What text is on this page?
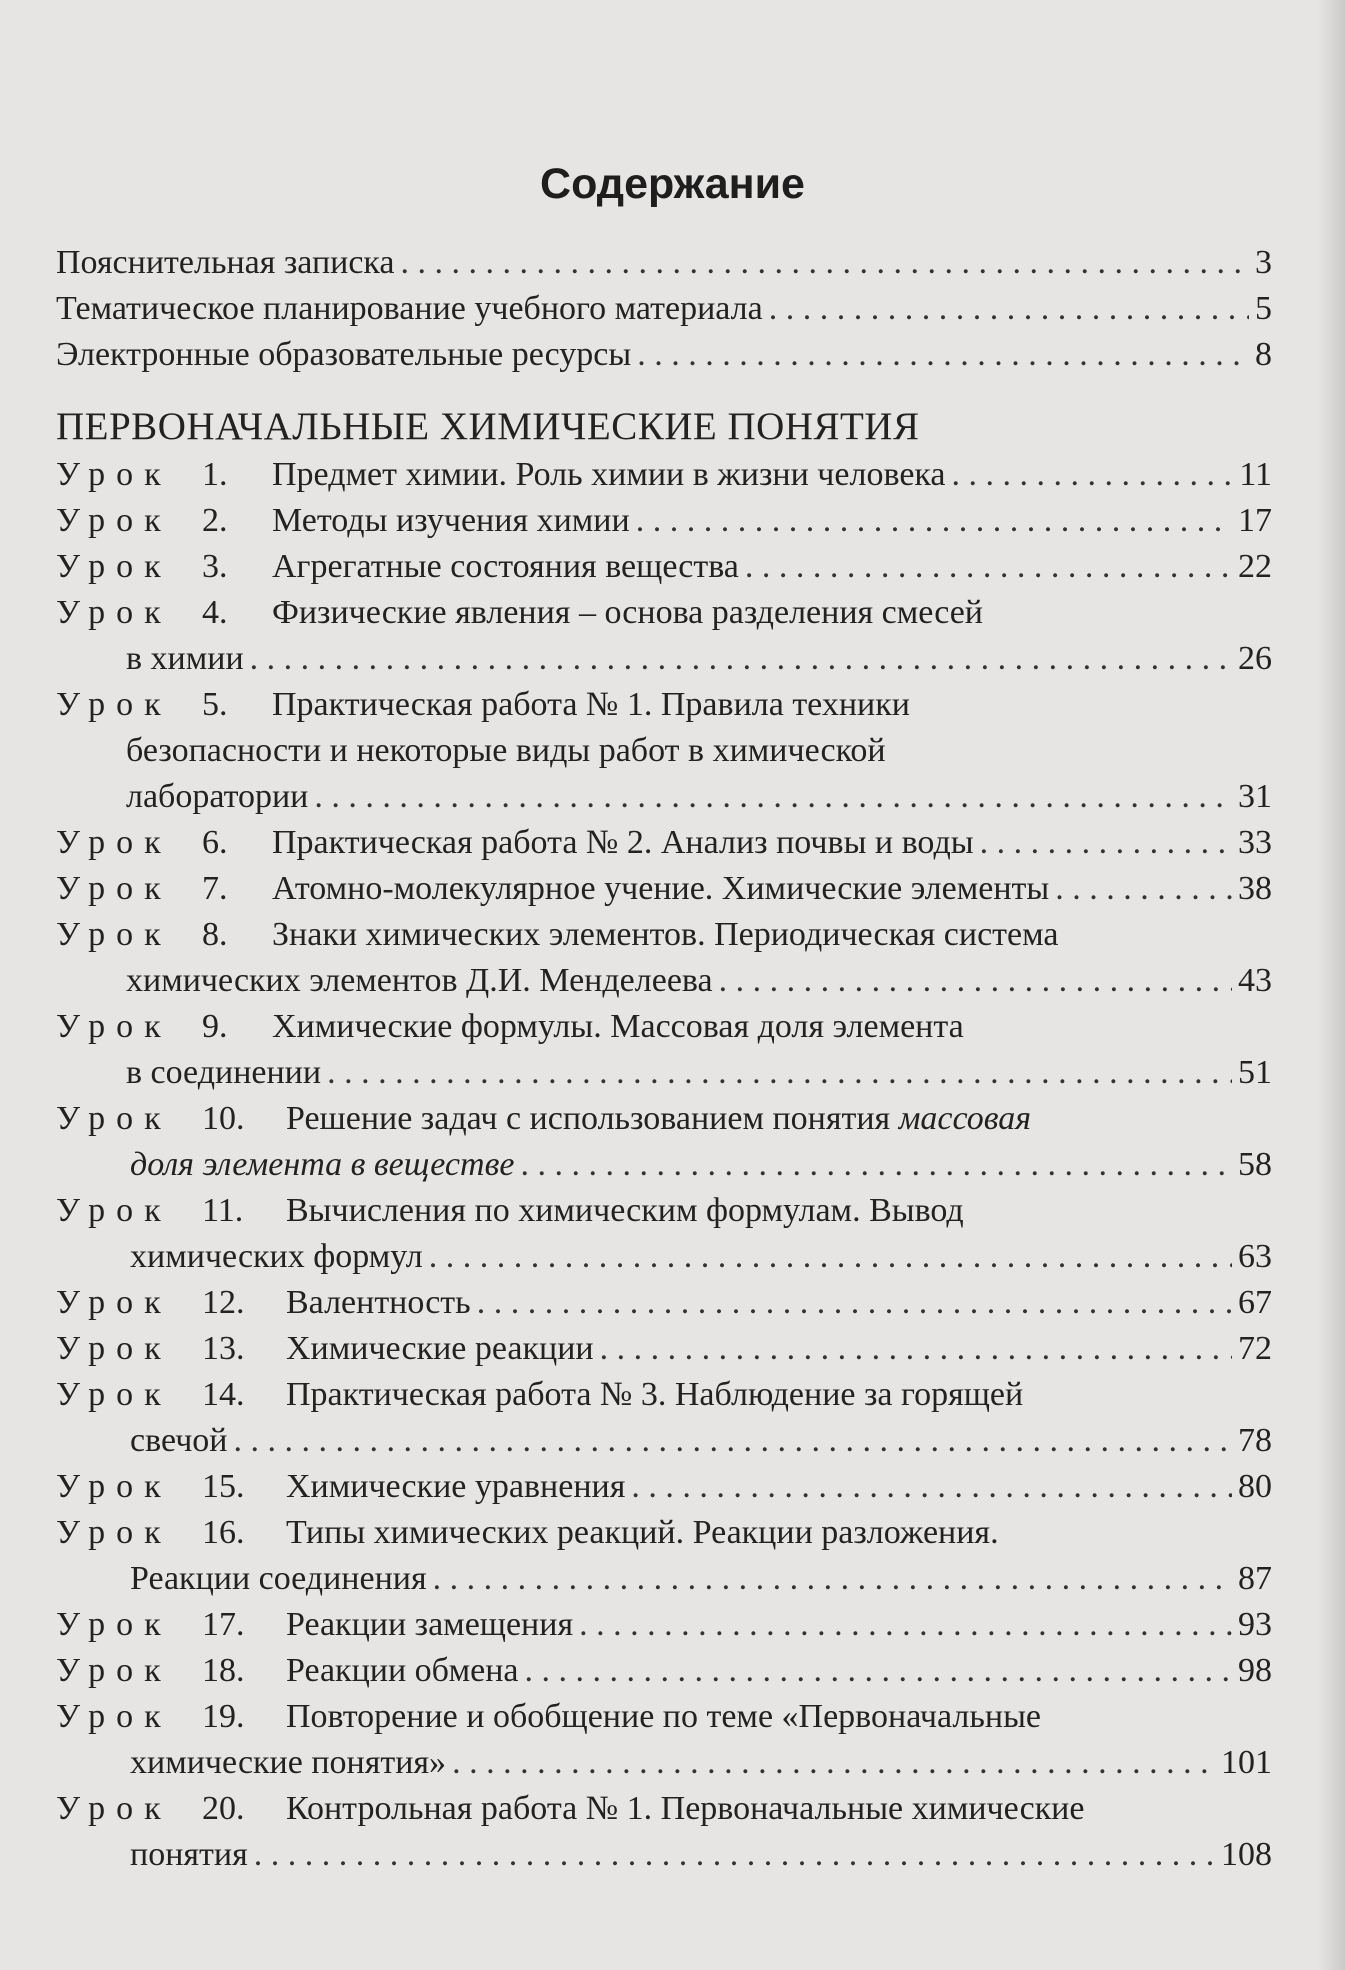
Содержание
Пояснительная записка . . .	3
Тематическое планирование учебного материала . . .	5
Электронные образовательные ресурсы . . .	8
ПЕРВОНАЧАЛЬНЫЕ ХИМИЧЕСКИЕ ПОНЯТИЯ
Урок 1. Предмет химии. Роль химии в жизни человека . . .	11
Урок 2. Методы изучения химии . . .	17
Урок 3. Агрегатные состояния вещества . . .	22
Урок 4. Физические явления – основа разделения смесей
в химии . . .	26
Урок 5. Практическая работа № 1. Правила техники
безопасности и некоторые виды работ в химической
лаборатории . . .	31
Урок 6. Практическая работа № 2. Анализ почвы и воды . . .	33
Урок 7. Атомно-молекулярное учение. Химические элементы . . .	38
Урок 8. Знаки химических элементов. Периодическая система
химических элементов Д.И. Менделеева . . .	43
Урок 9. Химические формулы. Массовая доля элемента
в соединении . . .	51
Урок 10. Решение задач с использованием понятия массовая
доля элемента в веществе . . .	58
Урок 11. Вычисления по химическим формулам. Вывод
химических формул . . .	63
Урок 12. Валентность . . .	67
Урок 13. Химические реакции . . .	72
Урок 14. Практическая работа № 3. Наблюдение за горящей
свечой . . .	78
Урок 15. Химические уравнения . . .	80
Урок 16. Типы химических реакций. Реакции разложения.
Реакции соединения . . .	87
Урок 17. Реакции замещения . . .	93
Урок 18. Реакции обмена . . .	98
Урок 19. Повторение и обобщение по теме «Первоначальные
химические понятия» . . .	101
Урок 20. Контрольная работа № 1. Первоначальные химические
понятия . . .	108
